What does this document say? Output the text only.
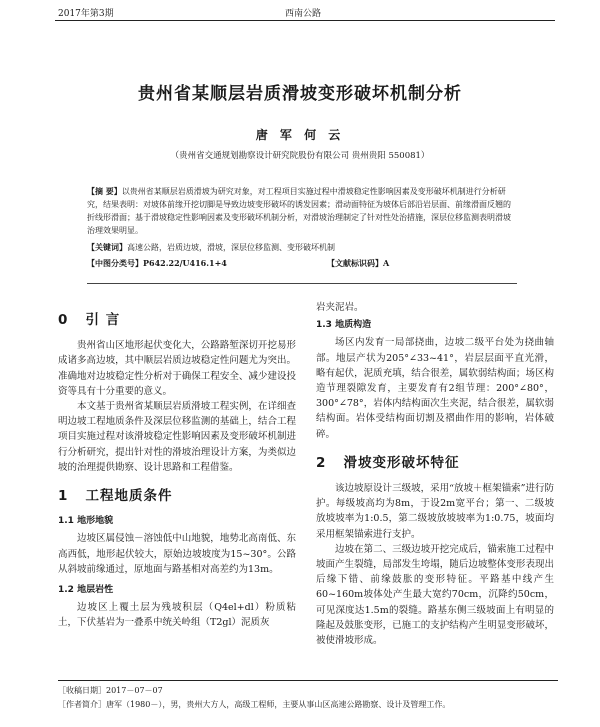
2017年第3期	西南公路
贵州省某顺层岩质滑坡变形破坏机制分析
唐 军 何 云
（贵州省交通规划勘察设计研究院股份有限公司 贵州贵阳 550081）
【摘 要】以贵州省某顺层岩质滑坡为研究对象，对工程项目实施过程中滑坡稳定性影响因素及变形破坏机制进行分析研究，结果表明：对坡体前缘开挖切脚是导致边坡变形破坏的诱发因素；滑动面特征为坡体后部沿岩层面、前缘滑面反翘的折线形滑面；基于滑坡稳定性影响因素及变形破坏机制分析，对滑坡治理制定了针对性处治措施，深层位移监测表明滑坡治理效果明显。
【关键词】高速公路，岩质边坡，滑坡，深层位移监测、变形破坏机制
【中图分类号】P642.22/U416.1+4	【文献标识码】A
0 引 言

贵州省山区地形起伏变化大，公路路堑深切开挖易形成诸多高边坡，其中顺层岩质边坡稳定性问题尤为突出。准确地对边坡稳定性分析对于确保工程安全、减少建设投资等具有十分重要的意义。

本文基于贵州省某顺层岩质滑坡工程实例，在详细查明边坡工程地质条件及深层位移监测的基础上，结合工程项目实施过程对该滑坡稳定性影响因素及变形破坏机制进行分析研究，提出针对性的滑坡治理设计方案，为类似边坡的治理提供勘察、设计思路和工程借鉴。

1 工程地质条件
1.1 地形地貌

边坡区属侵蚀－溶蚀低中山地貌，地势北高南低、东高西低，地形起伏较大，原始边坡坡度为15~30°。公路从斜坡前缘通过，原地面与路基相对高差约为13m。

1.2 地层岩性

边坡区上覆土层为残坡积层（Q4el+dl）粉质粘土，下伏基岩为一叠系中统关岭组（T2gl）泥质灰

岩夹泥岩。

1.3 地质构造

场区内发育一局部挠曲，边坡二级平台处为挠曲轴部。地层产状为205°∠33~41°，岩层层面平直光滑，略有起伏，泥质充填，结合很差，属软弱结构面；场区构造节理裂隙发育，主要发育有2组节理：200°∠80°，300°∠78°，岩体内结构面次生夹泥，结合很差，属软弱结构面。岩体受结构面切割及褶曲作用的影响，岩体破碎。

2 滑坡变形破坏特征

该边坡原设计三级坡，采用“放坡＋框架锚索”进行防护。每级坡高均为8m，于设2m宽平台；第一、二级坡放坡坡率为1:0.5，第二级坡放坡坡率为1:0.75，坡面均采用框架锚索进行支护。

边坡在第二、三级边坡开挖完成后，锚索施工过程中坡面产生裂缝，局部发生垮塌，随后边坡整体变形表现出后缘下错、前缘鼓胀的变形特征。平路基中线产生60~160m坡体处产生最大宽约70cm，沉降约50cm，可见深度达1.5m的裂缝。路基东侧三级坡面上有明显的隆起及鼓胀变形，已施工的支护结构产生明显变形破坏，被使滑坡形成。

［收稿日期］2017－07－07
［作者简介］唐军（1980－），男，贵州大方人，高级工程师，主要从事山区高速公路勘察、设计及管理工作。
